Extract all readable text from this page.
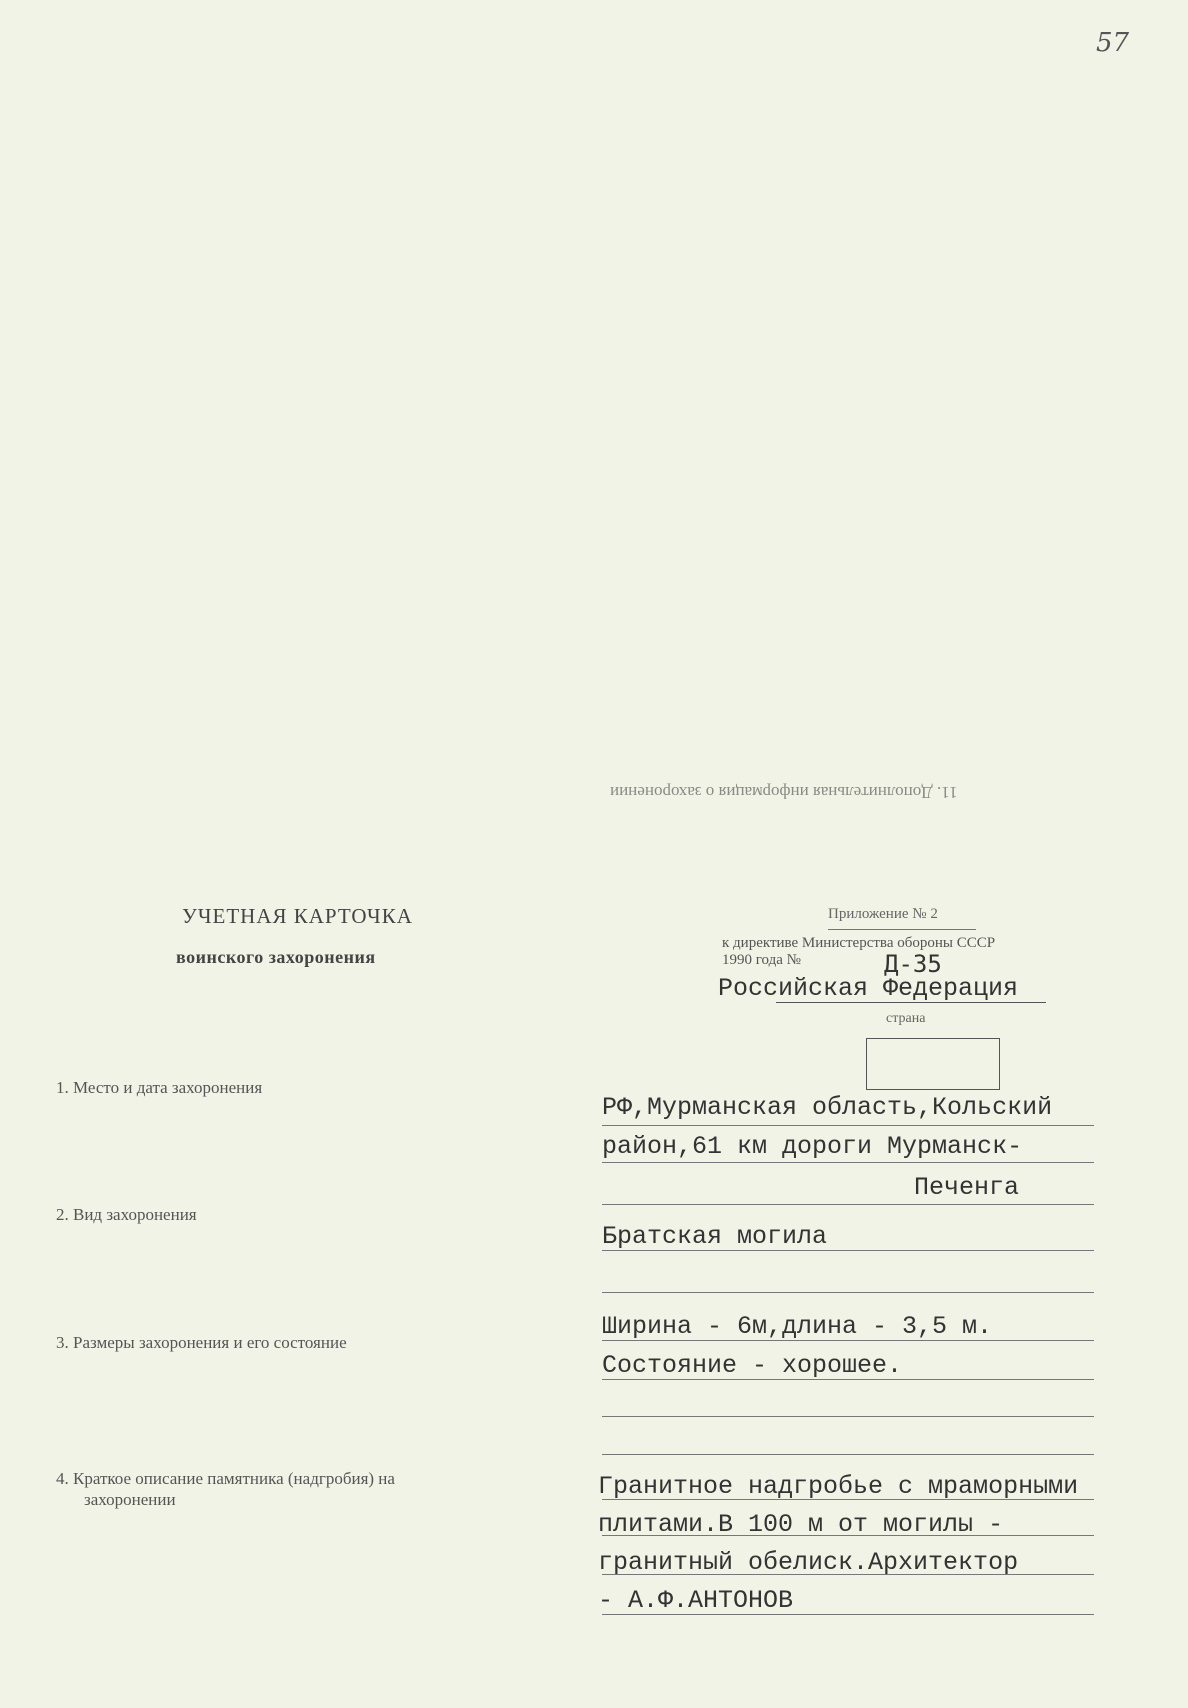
57
11. Дополнительная информация о захоронении
УЧЕТНАЯ КАРТОЧКА
воинского захоронения
Приложение № 2
к директиве Министерства обороны СССР
1990 года №	Д-35
Российская Федерация
страна
1. Место и дата захоронения
РФ,Мурманская область,Кольский
район,61 км дороги Мурманск-
Печенга
2. Вид захоронения
Братская могила
3. Размеры захоронения и его состояние
Ширина - 6м,длина - 3,5 м.
Состояние - хорошее.
4. Краткое описание памятника (надгробия) на
захоронении	Гранитное надгробье с мраморными
плитами.В 100 м от могилы -
гранитный обелиск.Архитектор
- А.Ф.АНТОНОВ
